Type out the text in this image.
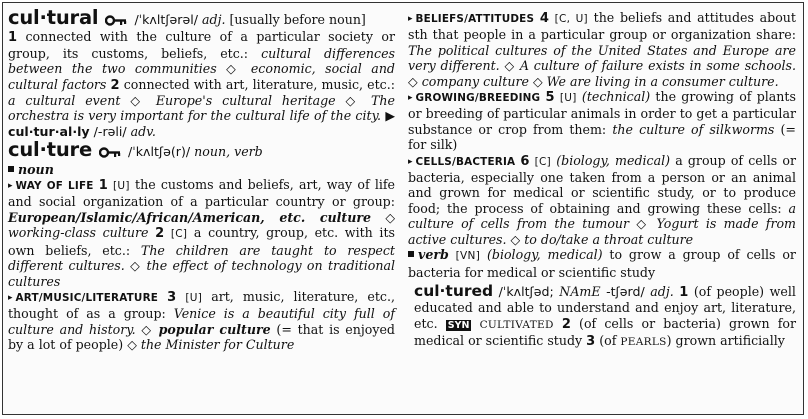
cul·tural	/ˈkʌltʃərəl/ adj. [usually before noun]
1 connected with the culture of a particular society or group, its customs, beliefs, etc.: cultural differences between the two communities ◇ economic, social and cultural factors 2 connected with art, literature, music, etc.: a cultural event ◇ Europe's cultural heritage ◇ The orchestra is very important for the cultural life of the city. ▶ cul·tur·al·ly /-rəli/ adv.

cul·ture	/ˈkʌltʃə(r)/ noun, verb

noun

▸ WAY OF LIFE 1 [U] the customs and beliefs, art, way of life and social organization of a particular country or group: European/Islamic/African/American, etc. culture ◇ working-class culture 2 [C] a country, group, etc. with its own beliefs, etc.: The children are taught to respect different cultures. ◇ the effect of technology on traditional cultures

▸ ART/MUSIC/LITERATURE 3 [U] art, music, literature, etc., thought of as a group: Venice is a beautiful city full of culture and history. ◇ popular culture (= that is enjoyed by a lot of people) ◇ the Minister for Culture

▸ BELIEFS/ATTITUDES 4 [C, U] the beliefs and attitudes about sth that people in a particular group or organization share: The political cultures of the United States and Europe are very different. ◇ A culture of failure exists in some schools. ◇ company culture ◇ We are living in a consumer culture.

▸ GROWING/BREEDING 5 [U] (technical) the growing of plants or breeding of particular animals in order to get a particular substance or crop from them: the culture of silkworms (= for silk)

▸ CELLS/BACTERIA 6 [C] (biology, medical) a group of cells or bacteria, especially one taken from a person or an animal and grown for medical or scientific study, or to produce food; the process of obtaining and growing these cells: a culture of cells from the tumour ◇ Yogurt is made from active cultures. ◇ to do/take a throat culture

verb [VN] (biology, medical) to grow a group of cells or bacteria for medical or scientific study

cul·tured /ˈkʌltʃəd; NAmE -tʃərd/ adj. 1 (of people) well educated and able to understand and enjoy art, literature, etc. SYN CULTIVATED 2 (of cells or bacteria) grown for medical or scientific study 3 (of PEARLS) grown artificially
